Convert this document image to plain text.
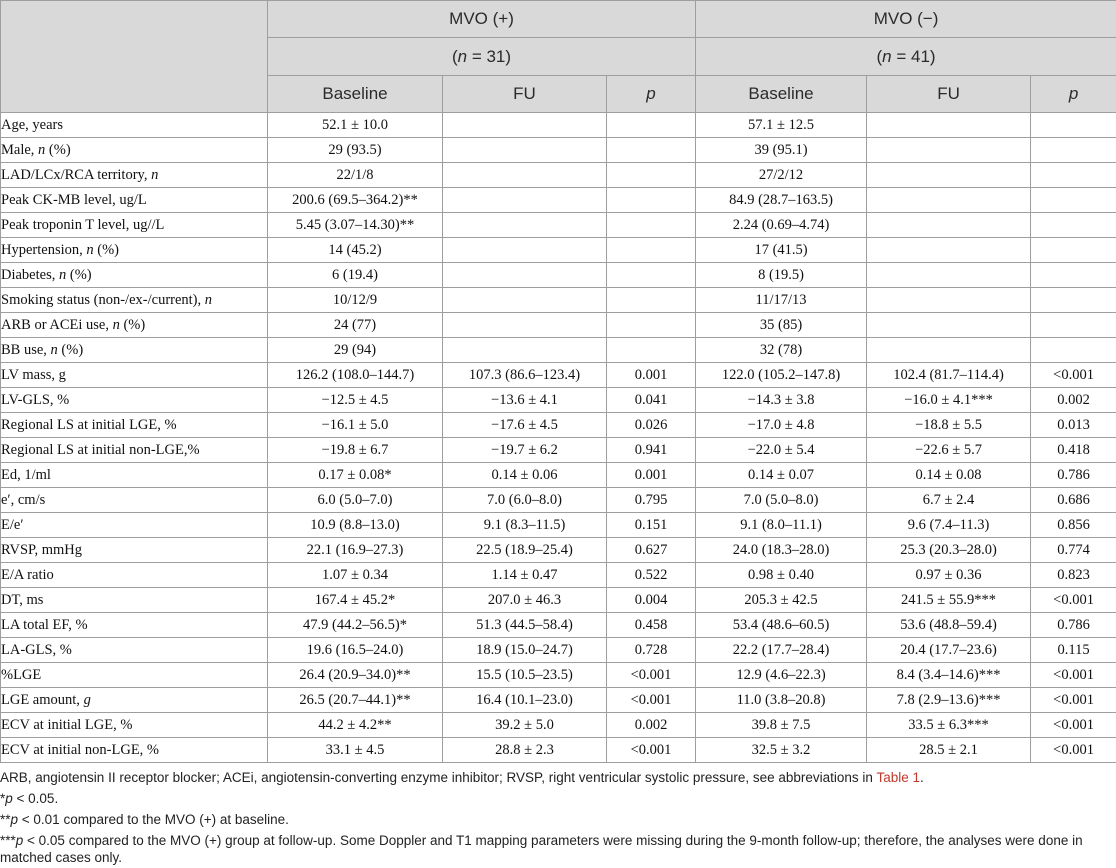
	MVO (+)			MVO (−)		
	(n = 31)			(n = 41)		
	Baseline	FU	p	Baseline	FU	p
Age, years	52.1 ± 10.0			57.1 ± 12.5		
Male, n (%)	29 (93.5)			39 (95.1)		
LAD/LCx/RCA territory, n	22/1/8			27/2/12		
Peak CK-MB level, ug/L	200.6 (69.5–364.2)**			84.9 (28.7–163.5)		
Peak troponin T level, ug//L	5.45 (3.07–14.30)**			2.24 (0.69–4.74)		
Hypertension, n (%)	14 (45.2)			17 (41.5)		
Diabetes, n (%)	6 (19.4)			8 (19.5)		
Smoking status (non-/ex-/current), n	10/12/9			11/17/13		
ARB or ACEi use, n (%)	24 (77)			35 (85)		
BB use, n (%)	29 (94)			32 (78)		
LV mass, g	126.2 (108.0–144.7)	107.3 (86.6–123.4)	0.001	122.0 (105.2–147.8)	102.4 (81.7–114.4)	<0.001
LV-GLS, %	−12.5 ± 4.5	−13.6 ± 4.1	0.041	−14.3 ± 3.8	−16.0 ± 4.1***	0.002
Regional LS at initial LGE, %	−16.1 ± 5.0	−17.6 ± 4.5	0.026	−17.0 ± 4.8	−18.8 ± 5.5	0.013
Regional LS at initial non-LGE,%	−19.8 ± 6.7	−19.7 ± 6.2	0.941	−22.0 ± 5.4	−22.6 ± 5.7	0.418
Ed, 1/ml	0.17 ± 0.08*	0.14 ± 0.06	0.001	0.14 ± 0.07	0.14 ± 0.08	0.786
e′, cm/s	6.0 (5.0–7.0)	7.0 (6.0–8.0)	0.795	7.0 (5.0–8.0)	6.7 ± 2.4	0.686
E/e′	10.9 (8.8–13.0)	9.1 (8.3–11.5)	0.151	9.1 (8.0–11.1)	9.6 (7.4–11.3)	0.856
RVSP, mmHg	22.1 (16.9–27.3)	22.5 (18.9–25.4)	0.627	24.0 (18.3–28.0)	25.3 (20.3–28.0)	0.774
E/A ratio	1.07 ± 0.34	1.14 ± 0.47	0.522	0.98 ± 0.40	0.97 ± 0.36	0.823
DT, ms	167.4 ± 45.2*	207.0 ± 46.3	0.004	205.3 ± 42.5	241.5 ± 55.9***	<0.001
LA total EF, %	47.9 (44.2–56.5)*	51.3 (44.5–58.4)	0.458	53.4 (48.6–60.5)	53.6 (48.8–59.4)	0.786
LA-GLS, %	19.6 (16.5–24.0)	18.9 (15.0–24.7)	0.728	22.2 (17.7–28.4)	20.4 (17.7–23.6)	0.115
%LGE	26.4 (20.9–34.0)**	15.5 (10.5–23.5)	<0.001	12.9 (4.6–22.3)	8.4 (3.4–14.6)***	<0.001
LGE amount, g	26.5 (20.7–44.1)**	16.4 (10.1–23.0)	<0.001	11.0 (3.8–20.8)	7.8 (2.9–13.6)***	<0.001
ECV at initial LGE, %	44.2 ± 4.2**	39.2 ± 5.0	0.002	39.8 ± 7.5	33.5 ± 6.3***	<0.001
ECV at initial non-LGE, %	33.1 ± 4.5	28.8 ± 2.3	<0.001	32.5 ± 3.2	28.5 ± 2.1	<0.001
ARB, angiotensin II receptor blocker; ACEi, angiotensin-converting enzyme inhibitor; RVSP, right ventricular systolic pressure, see abbreviations in Table 1.
*p < 0.05.
**p < 0.01 compared to the MVO (+) at baseline.
***p < 0.05 compared to the MVO (+) group at follow-up. Some Doppler and T1 mapping parameters were missing during the 9-month follow-up; therefore, the analyses were done in matched cases only.
